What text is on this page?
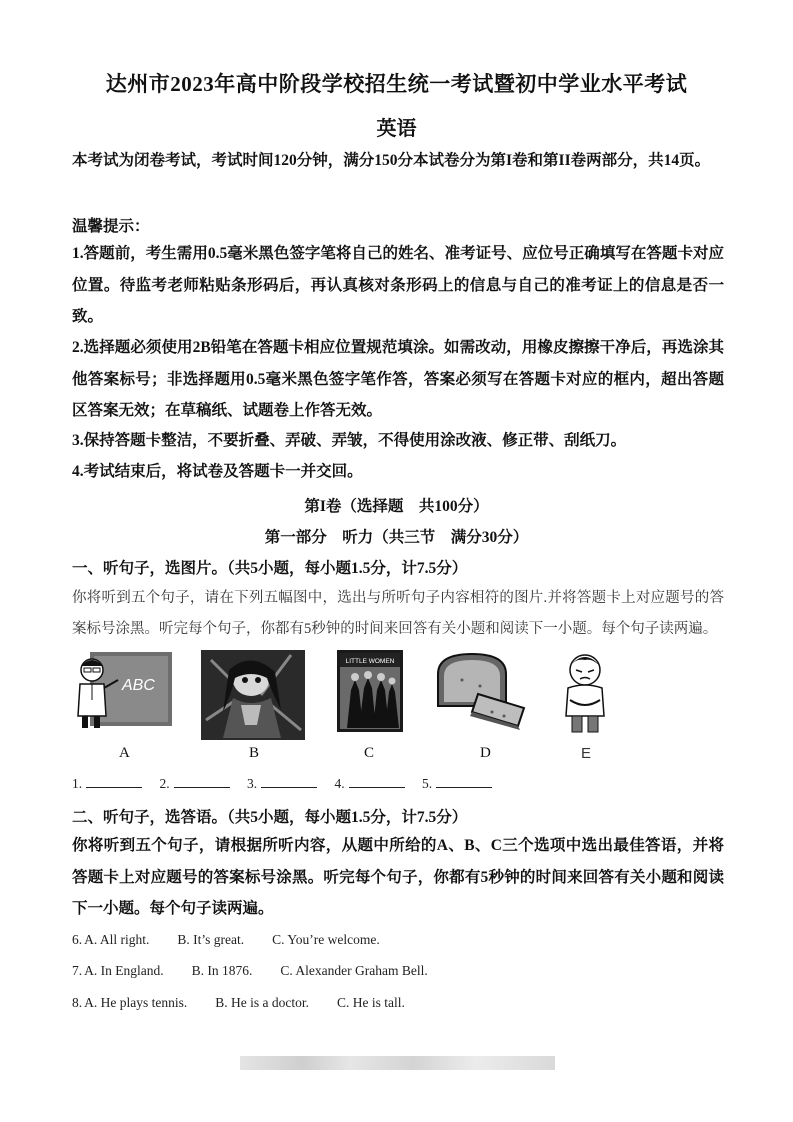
达州市2023年高中阶段学校招生统一考试暨初中学业水平考试
英语
本考试为闭卷考试，考试时间120分钟，满分150分本试卷分为第I卷和第II卷两部分，共14页。
温馨提示：
1.答题前，考生需用0.5毫米黑色签字笔将自己的姓名、准考证号、应位号正确填写在答题卡对应位置。待监考老师粘贴条形码后，再认真核对条形码上的信息与自己的准考证上的信息是否一致。
2.选择题必须使用2B铅笔在答题卡相应位置规范填涂。如需改动，用橡皮擦擦干净后，再选涂其他答案标号；非选择题用0.5毫米黑色签字笔作答，答案必须写在答题卡对应的框内，超出答题区答案无效；在草稿纸、试题卷上作答无效。
3.保持答题卡整洁，不要折叠、弄破、弄皱，不得使用涂改液、修正带、刮纸刀。
4.考试结束后，将试卷及答题卡一并交回。
第I卷（选择题　共100分）
第一部分　听力（共三节　满分30分）
一、听句子，选图片。（共5小题，每小题1.5分，计7.5分）
你将听到五个句子，请在下列五幅图中，选出与所听句子内容相符的图片.并将答题卡上对应题号的答案标号涂黑。听完每个句子，你都有5秒钟的时间来回答有关小题和阅读下一小题。每个句子读两遍。
ABC
LITTLE WOMEN
A	B	C	D	E
1.	2.	3.	4.	5.
二、听句子，选答语。（共5小题，每小题1.5分，计7.5分）
你将听到五个句子，请根据所听内容，从题中所给的A、B、C三个选项中选出最佳答语，并将答题卡上对应题号的答案标号涂黑。听完每个句子，你都有5秒钟的时间来回答有关小题和阅读下一小题。每个句子读两遍。
6. A. All right. B. It’s great. C. You’re welcome.
7. A. In England. B. In 1876. C. Alexander Graham Bell.
8. A. He plays tennis. B. He is a doctor. C. He is tall.
